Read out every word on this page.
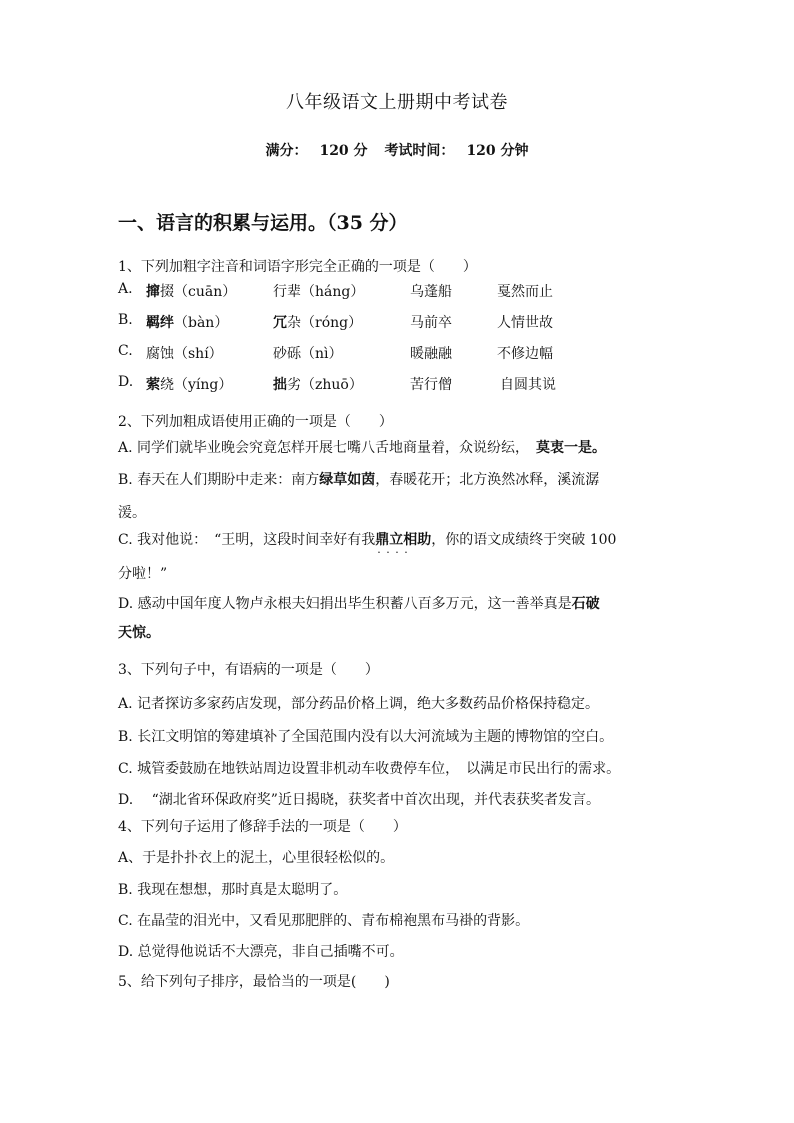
八年级语文上册期中考试卷
满分： 120 分 考试时间： 120 分钟
一、语言的积累与运用。（35 分）
1、下列加粗字注音和词语字形完全正确的一项是（　　）
A. 撺掇（cuān）	行辈（háng）	乌蓬船	戛然而止
B. 羁绊（bàn）	冗杂（róng）	马前卒	人情世故
C. 腐蚀（shí）	砂砾（nì）	暖融融	不修边幅
D. 萦绕（yíng）	拙劣（zhuō）	苦行僧	自圆其说
2、下列加粗成语使用正确的一项是（　　）
A. 同学们就毕业晚会究竟怎样开展七嘴八舌地商量着，众说纷纭，　 莫衷一是。
B. 春天在人们期盼中走来：南方绿草如茵，春暖花开；北方涣然冰释，溪流潺
湲。
C. 我对他说：　“王明，这段时间幸好有我鼎立相助 · · · ·，你的语文成绩终于突破 100
分啦！”
D. 感动中国年度人物卢永根夫妇捐出毕生积蓄八百多万元，这一善举真是石破
天惊。
3、下列句子中，有语病的一项是（　　）
A. 记者探访多家药店发现，部分药品价格上调，绝大多数药品价格保持稳定。
B. 长江文明馆的筹建填补了全国范围内没有以大河流域为主题的博物馆的空白。
C. 城管委鼓励在地铁站周边设置非机动车收费停车位，　以满足市民出行的需求。
D. 　“湖北省环保政府奖”近日揭晓，获奖者中首次出现，并代表获奖者发言。
4、下列句子运用了修辞手法的一项是（　　）
A、于是扑扑衣上的泥土，心里很轻松似的。
B. 我现在想想，那时真是太聪明了。
C. 在晶莹的泪光中，又看见那肥胖的、青布棉袍黑布马褂的背影。
D. 总觉得他说话不大漂亮，非自己插嘴不可。
5、给下列句子排序，最恰当的一项是(　　)
